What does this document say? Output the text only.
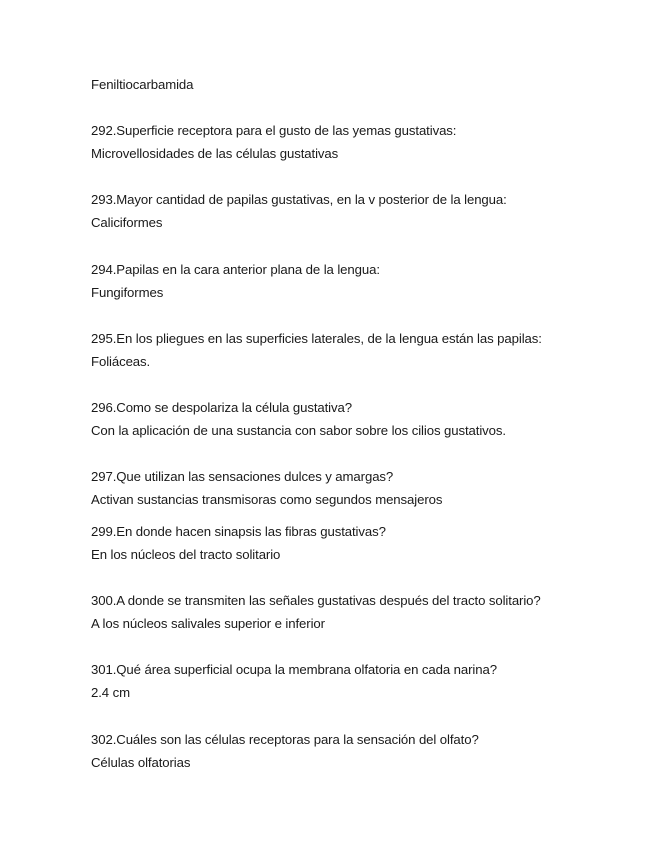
Feniltiocarbamida
292.Superficie receptora para el gusto de las yemas gustativas:
Microvellosidades de las células gustativas
293.Mayor cantidad de papilas gustativas, en la v posterior de la lengua:
Caliciformes
294.Papilas en la cara anterior plana de la lengua:
Fungiformes
295.En los pliegues en las superficies laterales, de la lengua están las papilas:
Foliáceas.
296.Como se despolariza la célula gustativa?
Con la aplicación de una sustancia con sabor sobre los cilios gustativos.
297.Que utilizan las sensaciones dulces y amargas?
Activan sustancias transmisoras como segundos mensajeros
299.En donde hacen sinapsis las fibras gustativas?
En los núcleos del tracto solitario
300.A donde se transmiten las señales gustativas después del tracto solitario?
A los núcleos salivales superior e inferior
301.Qué área superficial ocupa la membrana olfatoria en cada narina?
2.4 cm
302.Cuáles son las células receptoras para la sensación del olfato?
Células olfatorias
